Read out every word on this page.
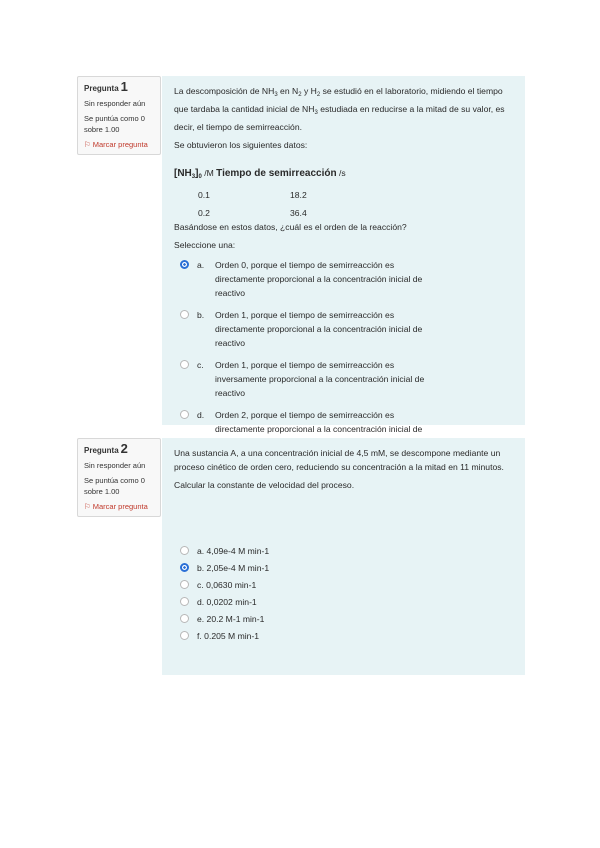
Pregunta 1
Sin responder aún
Se puntúa como 0 sobre 1.00
⚐ Marcar pregunta

La descomposición de $NH_3$ en $N_2$ y $H_2$ se estudió en el laboratorio, midiendo el tiempo que tardaba la cantidad inicial de $NH_3$ estudiada en reducirse a la mitad de su valor, es decir, el tiempo de semirreacción.

Se obtuvieron los siguientes datos:

$[NH_3]_0$ /M Tiempo de semirreacción /s
0.1	18.2
0.2	36.4

Basándose en estos datos, ¿cuál es el orden de la reacción?

Seleccione una:

a.	Orden 0, porque el tiempo de semirreacción es directamente proporcional a la concentración inicial de reactivo
b.	Orden 1, porque el tiempo de semirreacción es directamente proporcional a la concentración inicial de reactivo
c.	Orden 1, porque el tiempo de semirreacción es inversamente proporcional a la concentración inicial de reactivo
d.	Orden 2, porque el tiempo de semirreacción es directamente proporcional a la concentración inicial de
Pregunta 2
Sin responder aún
Se puntúa como 0 sobre 1.00
⚐ Marcar pregunta

Una sustancia A, a una concentración inicial de 4,5 mM, se descompone mediante un proceso cinético de orden cero, reduciendo su concentración a la mitad en 11 minutos.

Calcular la constante de velocidad del proceso.

a. 4,09e-4 M min-1
b. 2,05e-4 M min-1
c. 0,0630 min-1
d. 0,0202 min-1
e. 20.2 M-1 min-1
f. 0.205 M min-1
